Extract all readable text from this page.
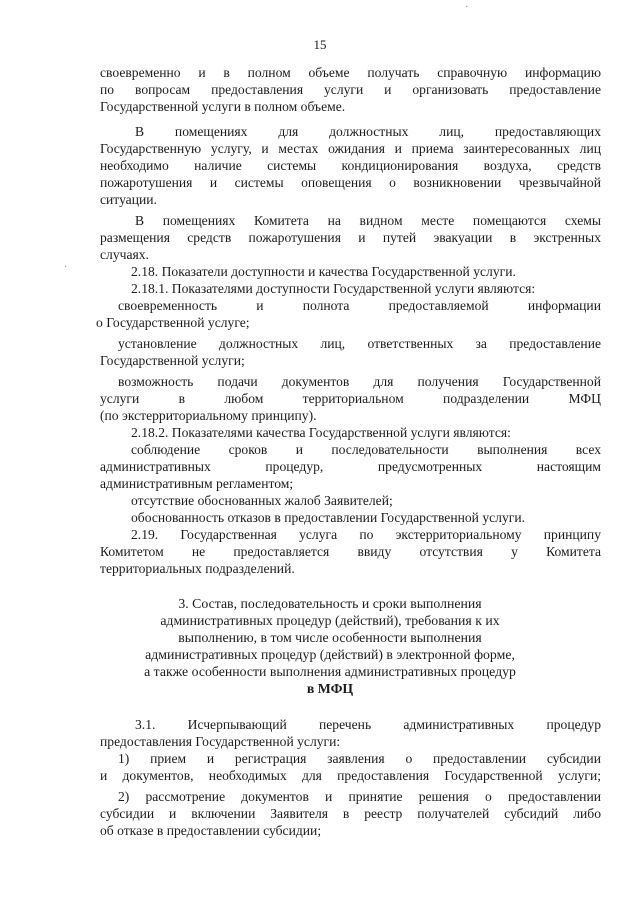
15
своевременно и в полном объеме получать справочную информацию
по вопросам предоставления услуги и организовать предоставление
Государственной услуги в полном объеме.
В помещениях для должностных лиц, предоставляющих
Государственную услугу, и местах ожидания и приема заинтересованных лиц
необходимо наличие системы кондиционирования воздуха, средств
пожаротушения и системы оповещения о возникновении чрезвычайной
ситуации.
В помещениях Комитета на видном месте помещаются схемы
размещения средств пожаротушения и путей эвакуации в экстренных
случаях.
2.18. Показатели доступности и качества Государственной услуги.
2.18.1. Показателями доступности Государственной услуги являются:
своевременность и полнота предоставляемой информации
о Государственной услуге;
установление должностных лиц, ответственных за предоставление
Государственной услуги;
возможность подачи документов для получения Государственной
услуги в любом территориальном подразделении МФЦ
(по экстерриториальному принципу).
2.18.2. Показателями качества Государственной услуги являются:
соблюдение сроков и последовательности выполнения всех
административных процедур, предусмотренных настоящим
административным регламентом;
отсутствие обоснованных жалоб Заявителей;
обоснованность отказов в предоставлении Государственной услуги.
2.19. Государственная услуга по экстерриториальному принципу
Комитетом не предоставляется ввиду отсутствия у Комитета
территориальных подразделений.
3. Состав, последовательность и сроки выполнения
административных процедур (действий), требования к их
выполнению, в том числе особенности выполнения
административных процедур (действий) в электронной форме,
а также особенности выполнения административных процедур
в МФЦ
3.1. Исчерпывающий перечень административных процедур
предоставления Государственной услуги:
1) прием и регистрация заявления о предоставлении субсидии
и документов, необходимых для предоставления Государственной услуги;
2) рассмотрение документов и принятие решения о предоставлении
субсидии и включении Заявителя в реестр получателей субсидий либо
об отказе в предоставлении субсидии;
·
·
